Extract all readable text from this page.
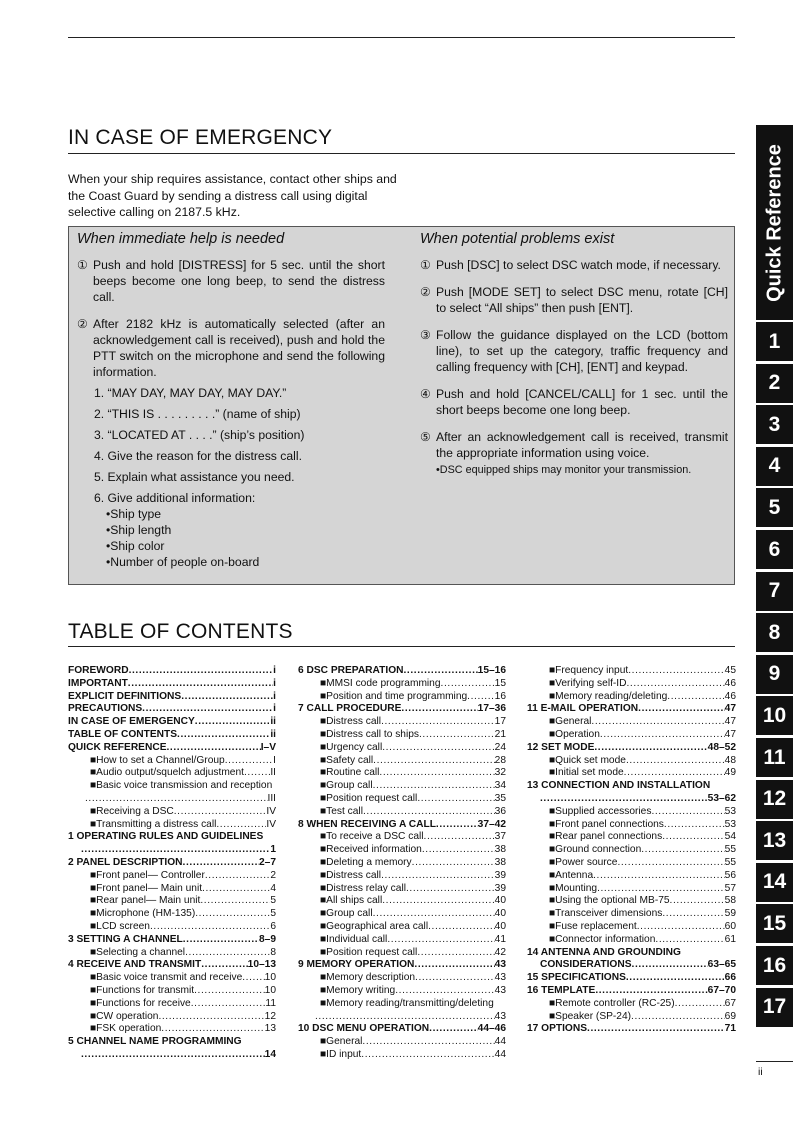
IN CASE OF EMERGENCY

When your ship requires assistance, contact other ships and the Coast Guard by sending a distress call using digital selective calling on 2187.5 kHz.

When immediate help is needed
① Push and hold [DISTRESS] for 5 sec. until the short beeps become one long beep, to send the distress call.
② After 2182 kHz is automatically selected (after an acknowledgement call is received), push and hold the PTT switch on the microphone and send the following information.

1. “MAY DAY, MAY DAY, MAY DAY.”

2. “THIS IS . . . . . . . . .” (name of ship)

3. “LOCATED AT . . . .” (ship’s position)

4. Give the reason for the distress call.

5. Explain what assistance you need.

6. Give additional information:

•Ship type

•Ship length

•Ship color

•Number of people on-board

When potential problems exist
① Push [DSC] to select DSC watch mode, if necessary.
② Push [MODE SET] to select DSC menu, rotate [CH] to select “All ships” then push [ENT].
③ Follow the guidance displayed on the LCD (bottom line), to set up the category, traffic frequency and calling frequency with [CH], [ENT] and keypad.
④ Push and hold [CANCEL/CALL] for 1 sec. until the short beeps become one long beep.
⑤ After an acknowledgement call is received, transmit the appropriate information using voice.
•DSC equipped ships may monitor your transmission.
TABLE OF CONTENTS
FOREWORD .....	i
IMPORTANT .....	i
EXPLICIT DEFINITIONS .....	i
PRECAUTIONS .....	i
IN CASE OF EMERGENCY .....	ii
TABLE OF CONTENTS .....	ii
QUICK REFERENCE .....	I–V
■How to set a Channel/Group .....	I
■Audio output/squelch adjustment .....	II
■Basic voice transmission and reception
.....
III
■Receiving a DSC .....	IV
■Transmitting a distress call .....	IV
1 OPERATING RULES AND GUIDELINES
.....
1
2 PANEL DESCRIPTION .....	2–7
■Front panel— Controller .....	2
■Front panel— Main unit .....	4
■Rear panel— Main unit .....	5
■Microphone (HM-135) .....	5
■LCD screen .....	6
3 SETTING A CHANNEL .....	8–9
■Selecting a channel .....	8
4 RECEIVE AND TRANSMIT .....	10–13
■Basic voice transmit and receive ..... 10
■Functions for transmit .....	10
■Functions for receive .....	11
■CW operation .....	12
■FSK operation .....	13
5 CHANNEL NAME PROGRAMMING
.....
14
6 DSC PREPARATION .....	15–16
■MMSI code programming .....	15
■Position and time programming .....	16
7 CALL PROCEDURE .....	17–36
■Distress call .....	17
■Distress call to ships .....	21
■Urgency call .....	24
■Safety call .....	28
■Routine call .....	32
■Group call .....	34
■Position request call .....	35
■Test call .....	36
8 WHEN RECEIVING A CALL .....	37–42
■To receive a DSC call .....	37
■Received information .....	38
■Deleting a memory .....	38
■Distress call .....	39
■Distress relay call .....	39
■All ships call .....	40
■Group call .....	40
■Geographical area call .....	40
■Individual call .....	41
■Position request call .....	42
9 MEMORY OPERATION .....	43
■Memory description .....	43
■Memory writing .....	43
■Memory reading/transmitting/deleting
.....
43
10 DSC MENU OPERATION .....	44–46
■General .....	44
■ID input .....	44
■Frequency input .....	45
■Verifying self-ID .....	46
■Memory reading/deleting .....	46
11 E-MAIL OPERATION .....	47
■General .....	47
■Operation .....	47
12 SET MODE .....	48–52
■Quick set mode .....	48
■Initial set mode .....	49
13 CONNECTION AND INSTALLATION
.....
53–62
■Supplied accessories .....	53
■Front panel connections .....	53
■Rear panel connections .....	54
■Ground connection .....	55
■Power source .....	55
■Antenna .....	56
■Mounting .....	57
■Using the optional MB-75 .....	58
■Transceiver dimensions .....	59
■Fuse replacement .....	60
■Connector information .....	61
14 ANTENNA AND GROUNDING
CONSIDERATIONS .....	63–65
15 SPECIFICATIONS .....	66
16 TEMPLATE .....	67–70
■Remote controller (RC-25) .....	67
■Speaker (SP-24) .....	69
17 OPTIONS .....	71
Quick Reference
1
2
3
4
5
6
7
8
9
10
11
12
13
14
15
16
17
ii
